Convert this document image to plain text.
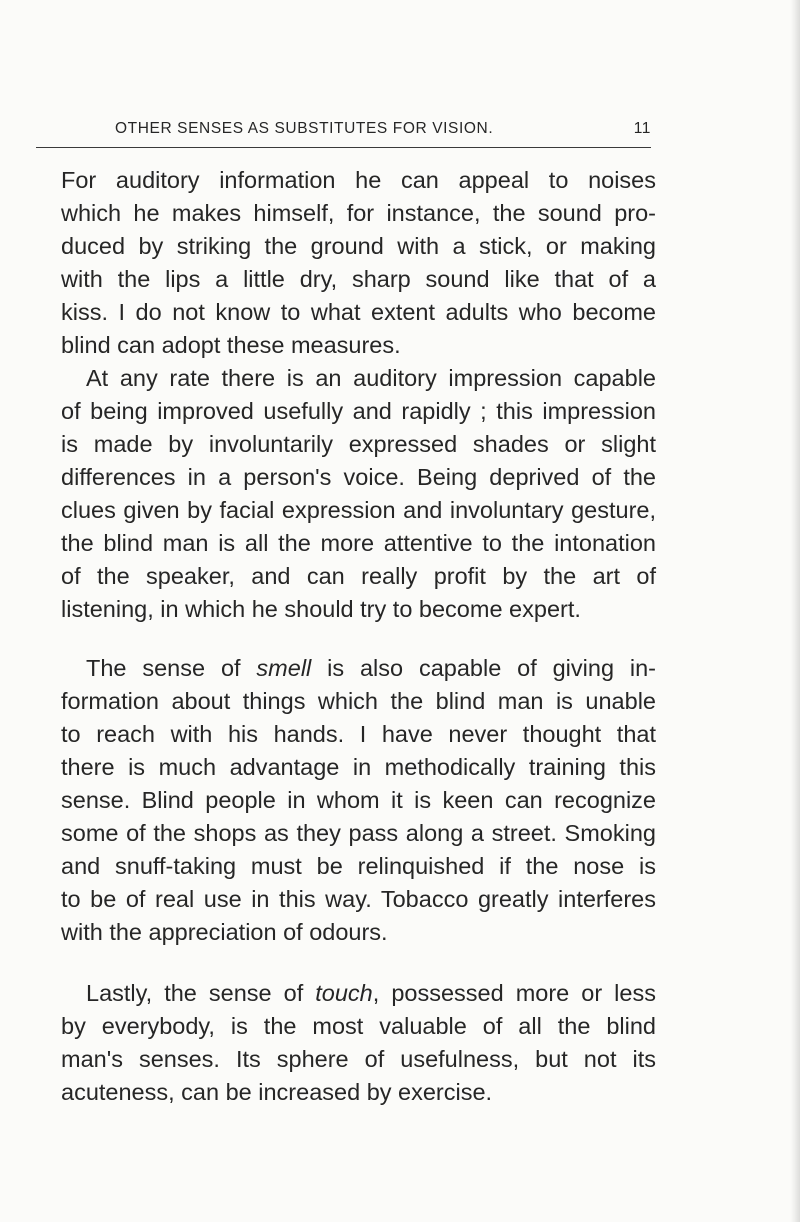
OTHER SENSES AS SUBSTITUTES FOR VISION.	11
For auditory information he can appeal to noises
which he makes himself, for instance, the sound pro-
duced by striking the ground with a stick, or making
with the lips a little dry, sharp sound like that of a
kiss. I do not know to what extent adults who become
blind can adopt these measures.
At any rate there is an auditory impression capable
of being improved usefully and rapidly ; this impression
is made by involuntarily expressed shades or slight
differences in a person's voice. Being deprived of the
clues given by facial expression and involuntary gesture,
the blind man is all the more attentive to the intonation
of the speaker, and can really profit by the art of
listening, in which he should try to become expert.
The sense of smell is also capable of giving in-
formation about things which the blind man is unable
to reach with his hands. I have never thought that
there is much advantage in methodically training this
sense. Blind people in whom it is keen can recognize
some of the shops as they pass along a street. Smoking
and snuff-taking must be relinquished if the nose is
to be of real use in this way. Tobacco greatly interferes
with the appreciation of odours.
Lastly, the sense of touch, possessed more or less
by everybody, is the most valuable of all the blind
man's senses. Its sphere of usefulness, but not its
acuteness, can be increased by exercise.
